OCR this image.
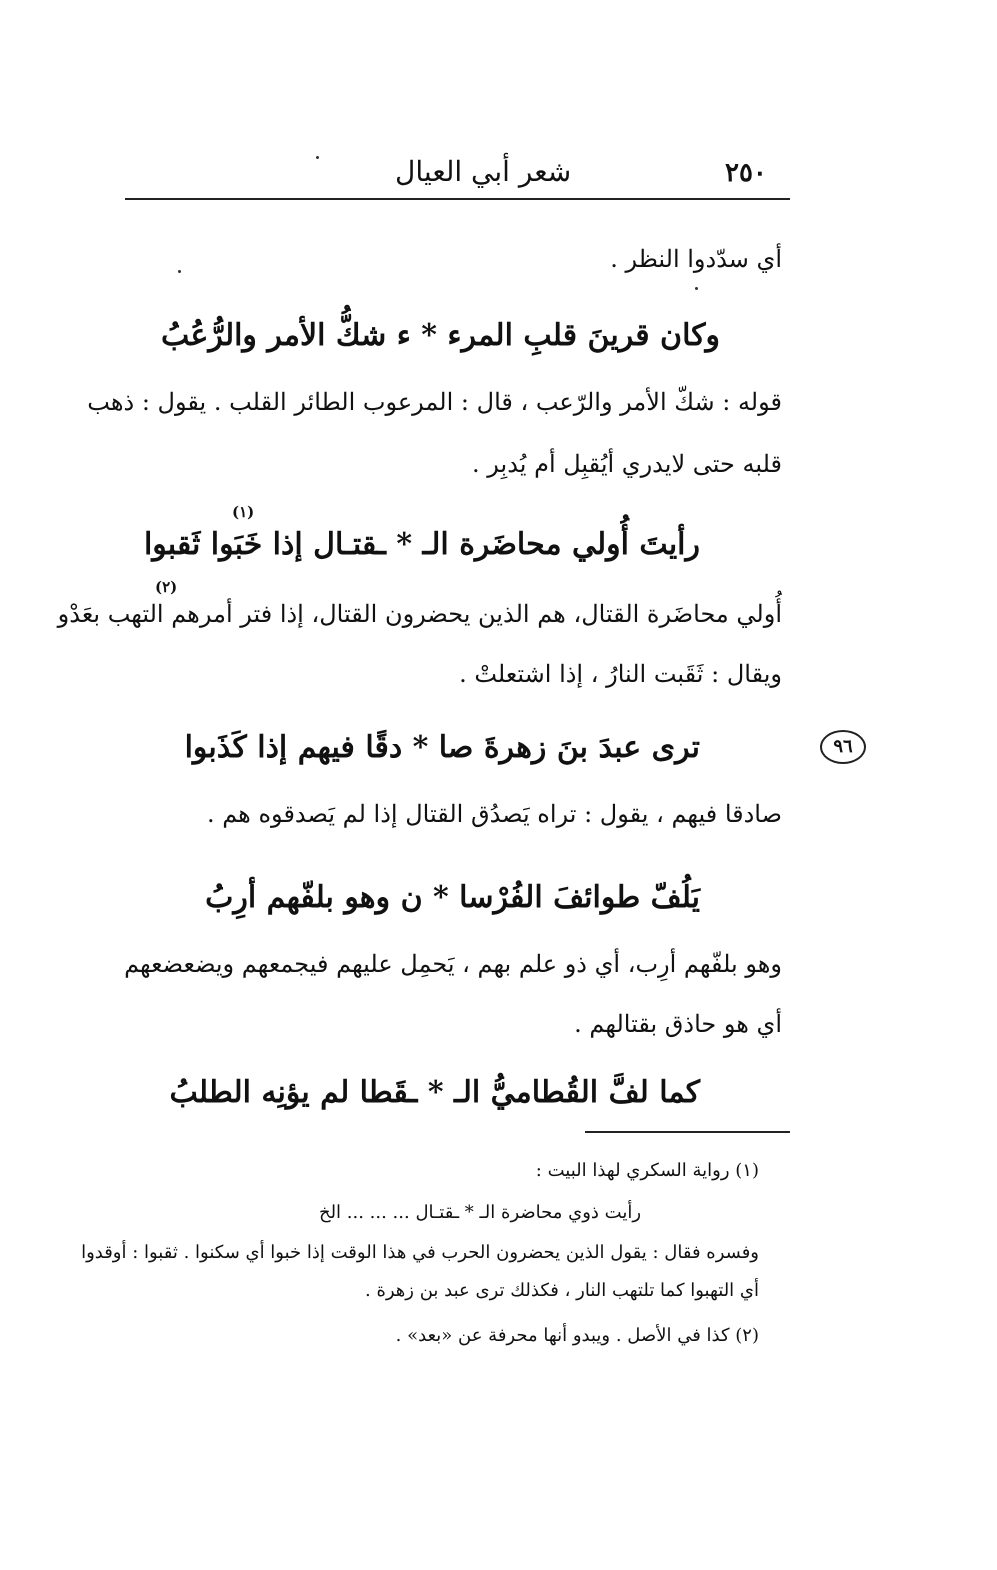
٢٥٠
شعر أبي العيال
أي سدّدوا النظر .
وكان قرينَ قلبِ المرء * ء شكُّ الأمر والرُّعُبُ
قوله : شكّ الأمر والرّعب ، قال : المرعوب الطائر القلب . يقول : ذهب
قلبه حتى لايدري أيُقبِل أم يُدبِر .
(١)
رأيتَ أُولي محاضَرة الـ * ـقتـال إذا خَبَوا ثَقبوا
(٢)
أُولي محاضَرة القتال، هم الذين يحضرون القتال، إذا فتر أمرهم التهب بعَدْو
ويقال : ثَقَبت النارُ ، إذا اشتعلتْ .
ترى عبدَ بنَ زهرةَ صا * دقًا فيهم إذا كَذَبوا	٩٦
صادقا فيهم ، يقول : تراه يَصدُق القتال إذا لم يَصدقوه هم .
يَلُفّ طوائفَ الفُرْسا * ن وهو بلفّهم أرِبُ
وهو بلفّهم أرِب، أي ذو علم بهم ، يَحمِل عليهم فيجمعهم ويضعضعهم
أي هو حاذق بقتالهم .
كما لفَّ القُطاميُّ الـ * ـقَطا لم يؤنِه الطلبُ
(١) رواية السكري لهذا البيت :
رأيت ذوي محاضرة الـ * ـقتـال ... ... ... الخ
وفسره فقال : يقول الذين يحضرون الحرب في هذا الوقت إذا خبوا أي سكنوا . ثقبوا : أوقدوا
أي التهبوا كما تلتهب النار ، فكذلك ترى عبد بن زهرة .
(٢) كذا في الأصل . ويبدو أنها محرفة عن «بعد» .
